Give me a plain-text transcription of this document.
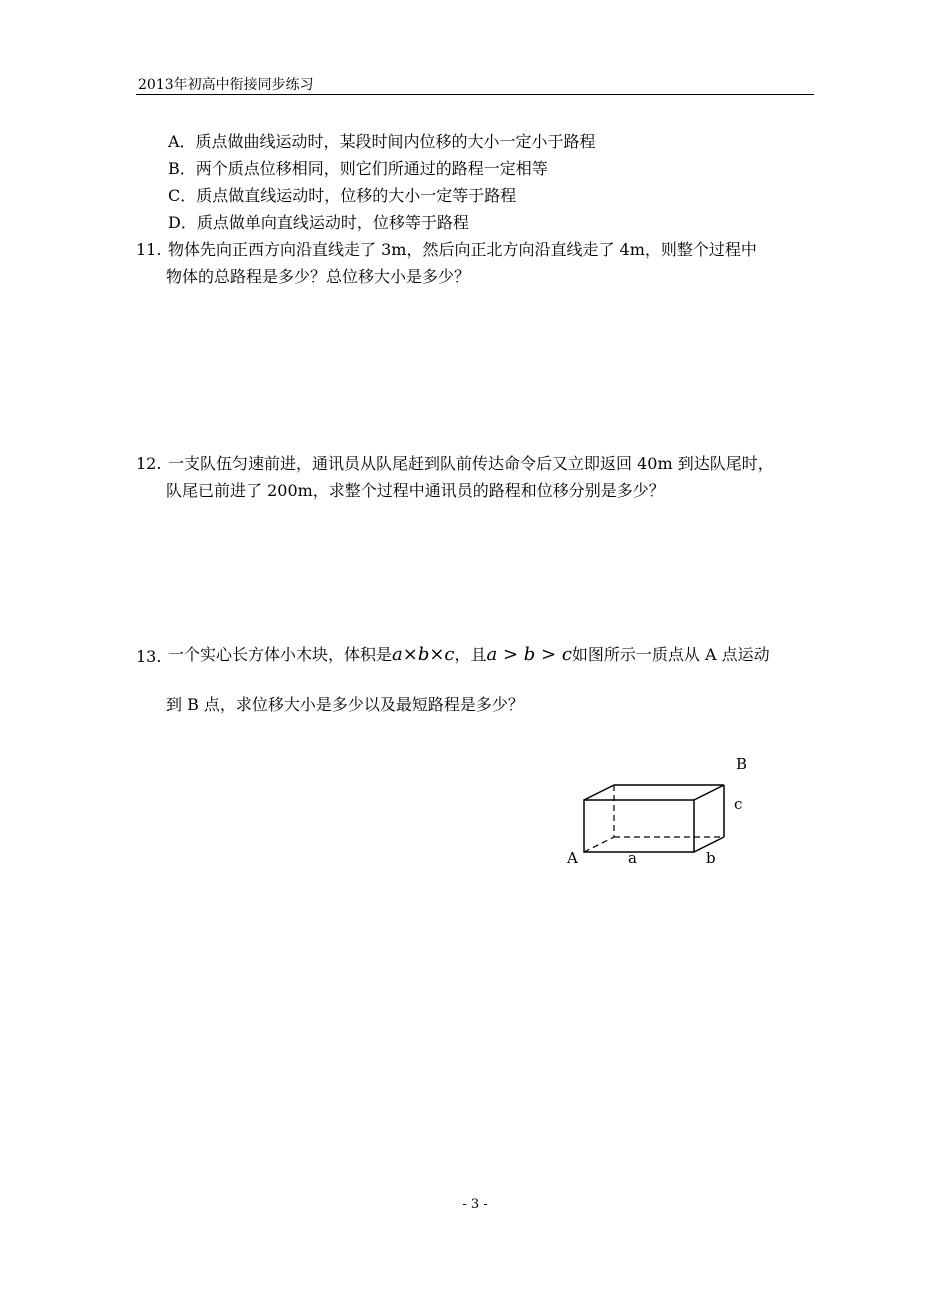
2013年初高中衔接同步练习
A．质点做曲线运动时，某段时间内位移的大小一定小于路程
B．两个质点位移相同，则它们所通过的路程一定相等
C．质点做直线运动时，位移的大小一定等于路程
D．质点做单向直线运动时，位移等于路程
11. 物体先向正西方向沿直线走了 3m，然后向正北方向沿直线走了 4m，则整个过程中
物体的总路程是多少？总位移大小是多少？
12. 一支队伍匀速前进，通讯员从队尾赶到队前传达命令后又立即返回 40m 到达队尾时，
队尾已前进了 200m，求整个过程中通讯员的路程和位移分别是多少？
13. 一个实心长方体小木块，体积是a×b×c，且a > b > c如图所示一质点从 A 点运动
到 B 点，求位移大小是多少以及最短路程是多少？
B
c
A	a	b
- 3 -
